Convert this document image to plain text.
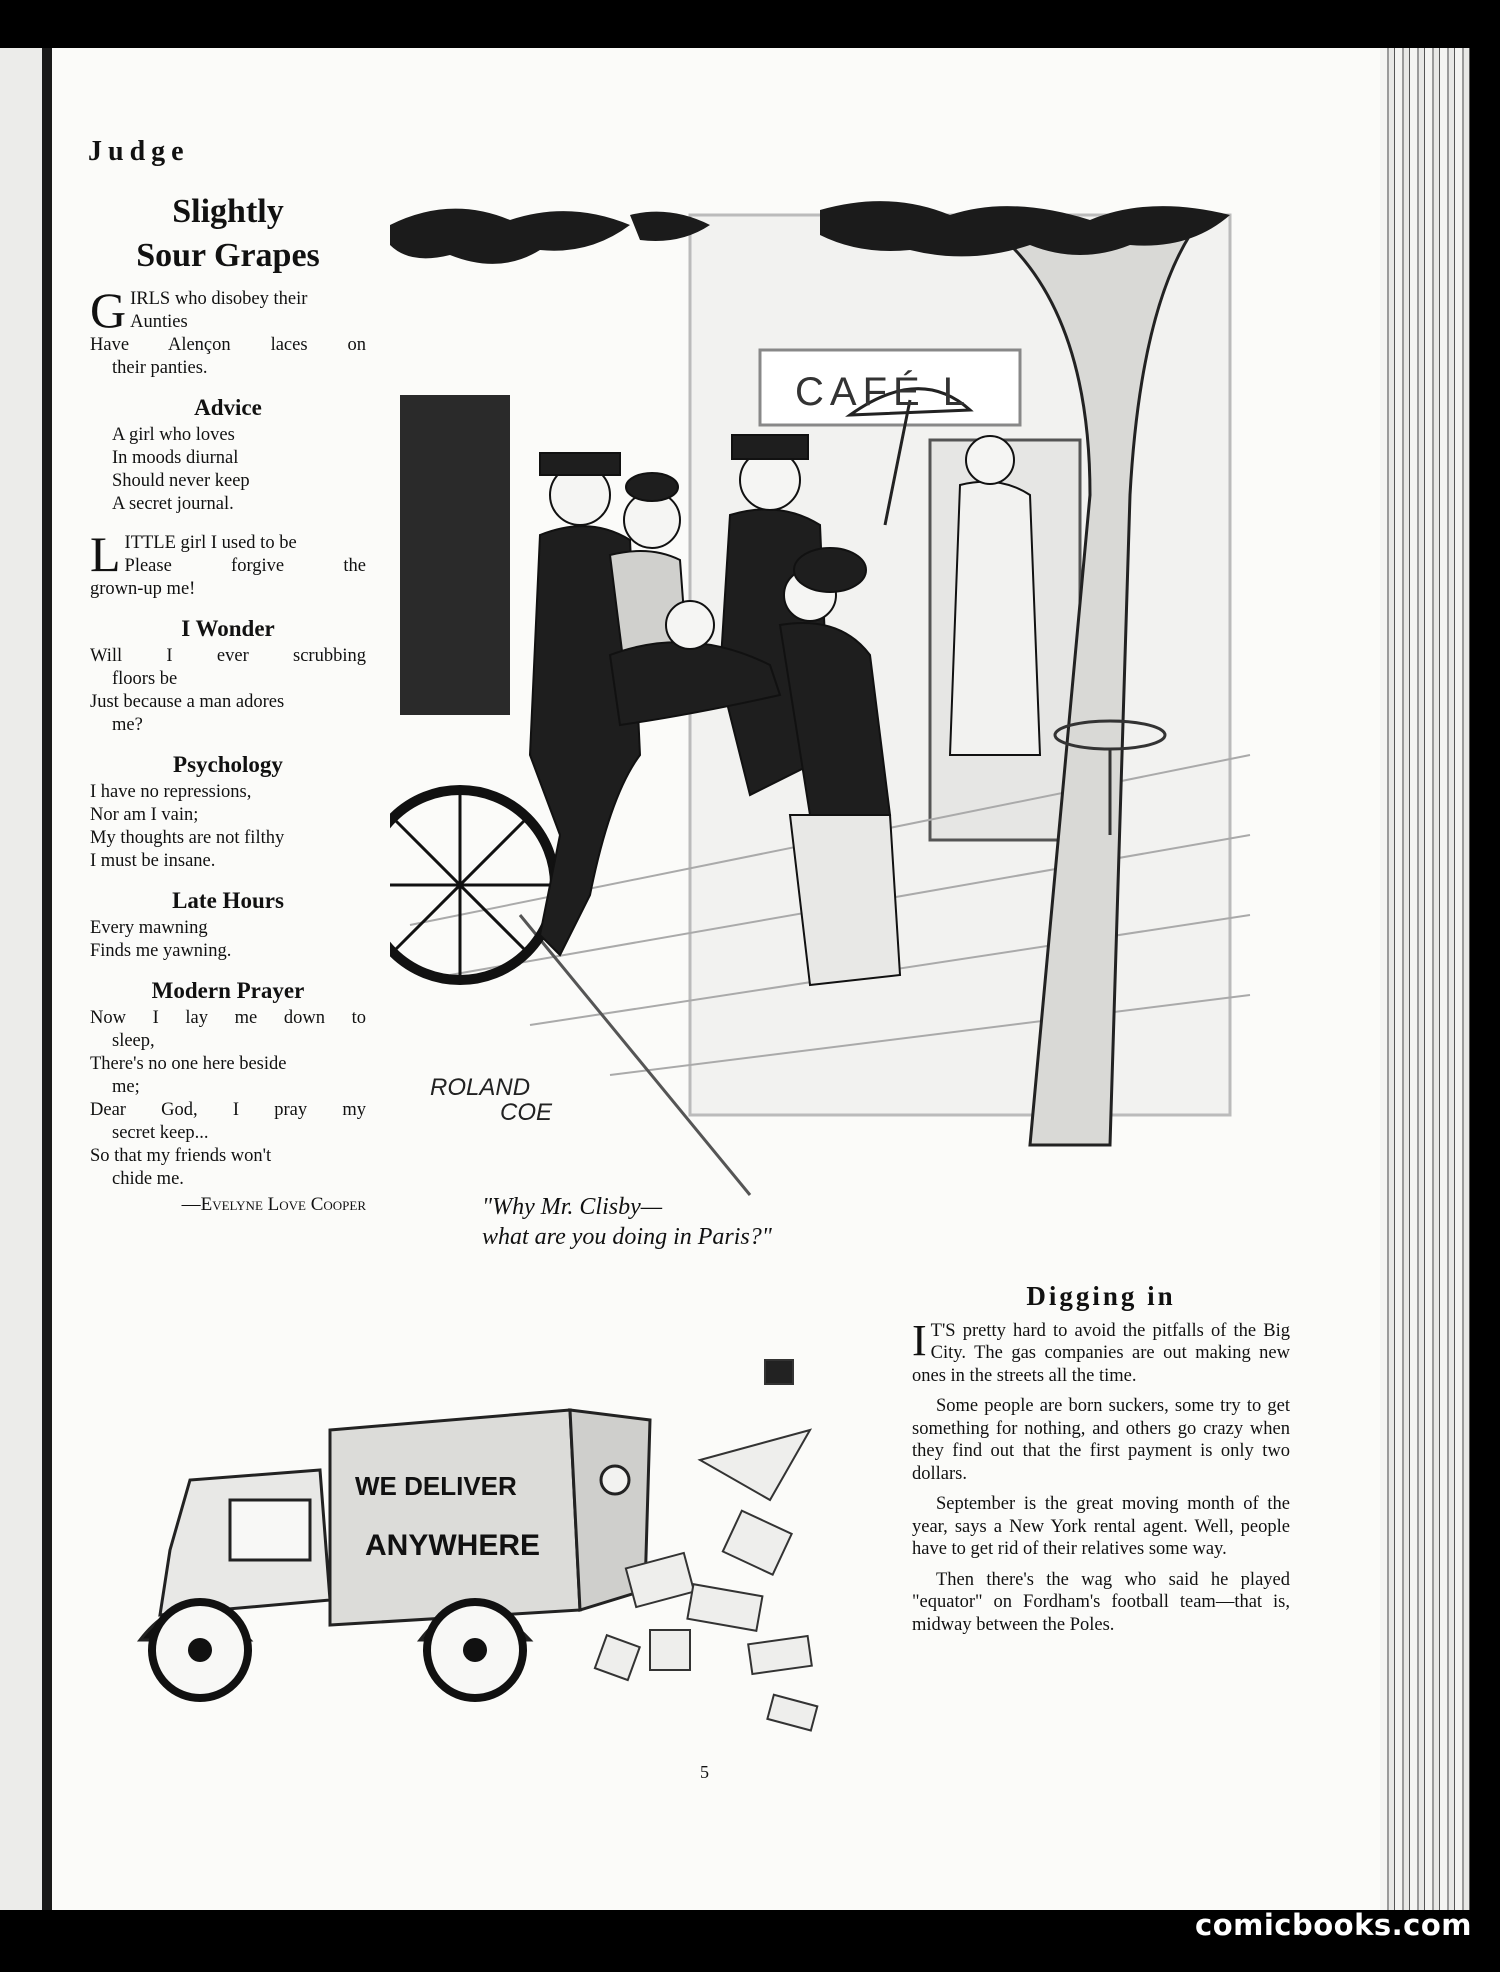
Judge
Slightly
Sour Grapes
G IRLS who disobey their
Aunties
Have Alençon laces on
their panties.
Advice
A girl who loves
In moods diurnal
Should never keep
A secret journal.
L ITTLE girl I used to be
Please forgive the
grown-up me!
I Wonder
Will I ever scrubbing
floors be
Just because a man adores
me?
Psychology
I have no repressions,
Nor am I vain;
My thoughts are not filthy
I must be insane.
Late Hours
Every mawning
Finds me yawning.
Modern Prayer
Now I lay me down to
sleep,
There's no one here beside
me;
Dear God, I pray my
secret keep...
So that my friends won't
chide me.
—Evelyne Love Cooper
CAFÉ L
ROLAND
COE
"Why Mr. Clisby—
what are you doing in Paris?"
WE DELIVER
ANYWHERE
Digging in

I T'S pretty hard to avoid the pitfalls of the Big City. The gas companies are out making new ones in the streets all the time.

Some people are born suckers, some try to get something for nothing, and others go crazy when they find out that the first payment is only two dollars.

September is the great moving month of the year, says a New York rental agent. Well, people have to get rid of their relatives some way.

Then there's the wag who said he played "equator" on Fordham's football team—that is, midway between the Poles.

5
comicbooks.com
